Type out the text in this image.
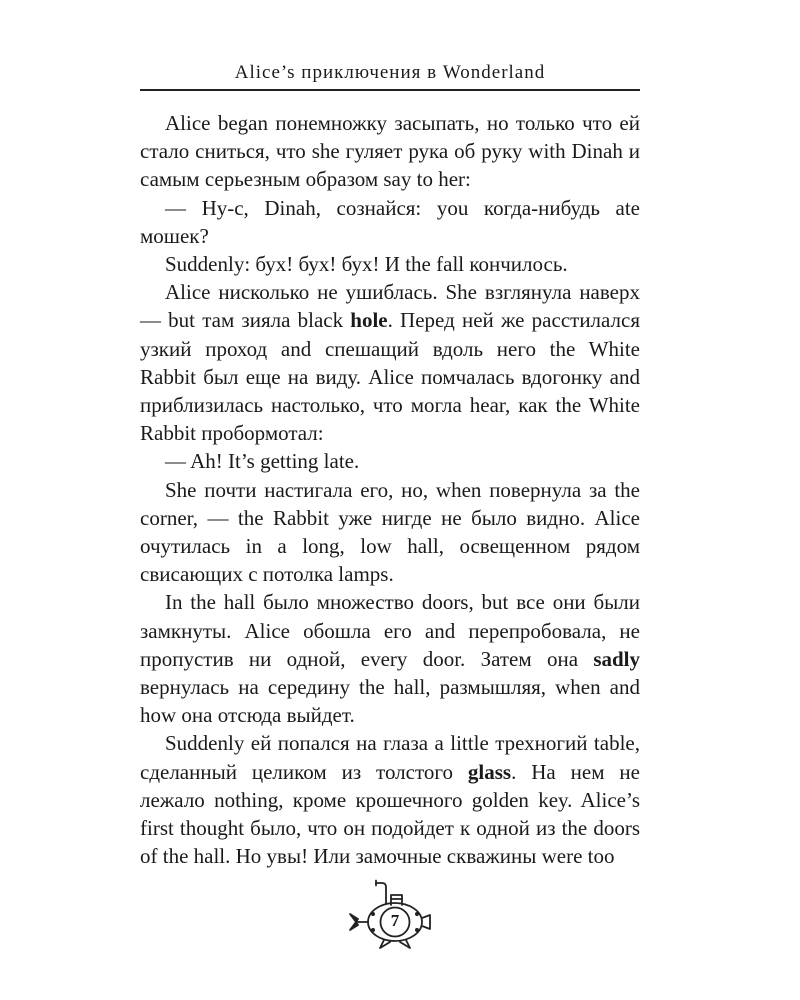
Alice’s приключения в Wonderland

Alice began понемножку засыпать, но только что ей стало сниться, что she гуляет рука об руку with Dinah и самым серьезным образом say to her:

— Ну-с, Dinah, сознайся: you когда-нибудь ate мошек?

Suddenly: бух! бух! бух! И the fall кончилось.

Alice нисколько не ушиблась. She взглянула наверх — but там зияла black hole. Перед ней же расстилался узкий проход and спешащий вдоль него the White Rabbit был еще на виду. Alice помчалась вдогонку and приблизилась настолько, что могла hear, как the White Rabbit пробормотал:

— Ah! It’s getting late.

She почти настигала его, но, when повернула за the corner, — the Rabbit уже нигде не было видно. Alice очутилась in a long, low hall, освещенном рядом свисающих с потолка lamps.

In the hall было множество doors, but все они были замкнуты. Alice обошла его and перепробовала, не пропустив ни одной, every door. Затем она sadly вернулась на середину the hall, размышляя, when and how она отсюда выйдет.

Suddenly ей попался на глаза a little трехногий table, сделанный целиком из толстого glass. На нем не лежало nothing, кроме крошечного golden key. Alice’s first thought было, что он подойдет к одной из the doors of the hall. Но увы! Или замочные скважины were too

7
